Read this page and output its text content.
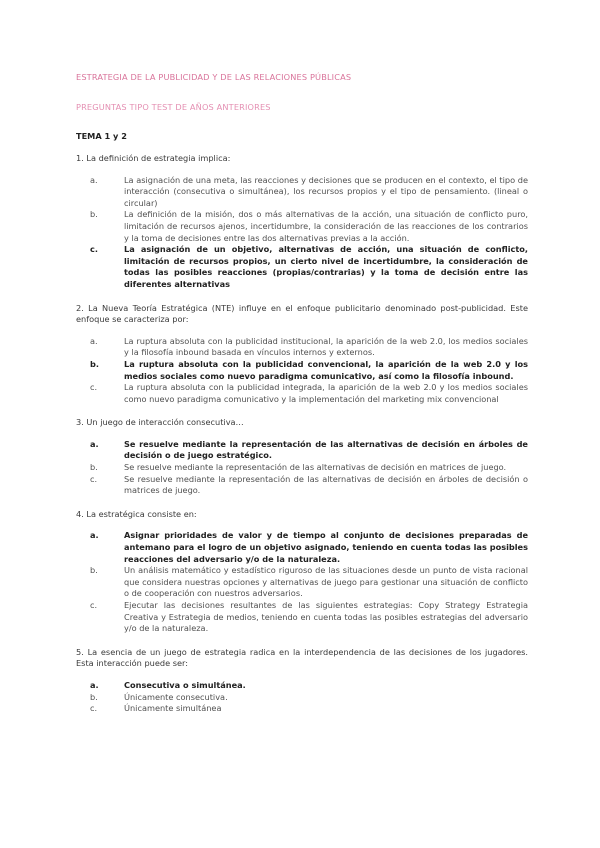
ESTRATEGIA DE LA PUBLICIDAD Y DE LAS RELACIONES PÚBLICAS
PREGUNTAS TIPO TEST DE AÑOS ANTERIORES
TEMA 1 y 2

1. La definición de estrategia implica:

a.	La asignación de una meta, las reacciones y decisiones que se producen en el contexto, el tipo de interacción (consecutiva o simultánea), los recursos propios y el tipo de pensamiento. (lineal o circular)
b.	La definición de la misión, dos o más alternativas de la acción, una situación de conflicto puro, limitación de recursos ajenos, incertidumbre, la consideración de las reacciones de los contrarios y la toma de decisiones entre las dos alternativas previas a la acción.
c.	La asignación de un objetivo, alternativas de acción, una situación de conflicto, limitación de recursos propios, un cierto nivel de incertidumbre, la consideración de todas las posibles reacciones (propias/contrarias) y la toma de decisión entre las diferentes alternativas

2. La Nueva Teoría Estratégica (NTE) influye en el enfoque publicitario denominado post-publicidad. Este enfoque se caracteriza por:

a.	La ruptura absoluta con la publicidad institucional, la aparición de la web 2.0, los medios sociales y la filosofía inbound basada en vínculos internos y externos.
b.	La ruptura absoluta con la publicidad convencional, la aparición de la web 2.0 y los medios sociales como nuevo paradigma comunicativo, así como la filosofía inbound.
c.	La ruptura absoluta con la publicidad integrada, la aparición de la web 2.0 y los medios sociales como nuevo paradigma comunicativo y la implementación del marketing mix convencional

3. Un juego de interacción consecutiva…

a.	Se resuelve mediante la representación de las alternativas de decisión en árboles de decisión o de juego estratégico.
b.	Se resuelve mediante la representación de las alternativas de decisión en matrices de juego.
c.	Se resuelve mediante la representación de las alternativas de decisión en árboles de decisión o matrices de juego.

4. La estratégica consiste en:

a.	Asignar prioridades de valor y de tiempo al conjunto de decisiones preparadas de antemano para el logro de un objetivo asignado, teniendo en cuenta todas las posibles reacciones del adversario y/o de la naturaleza.
b.	Un análisis matemático y estadístico riguroso de las situaciones desde un punto de vista racional que considera nuestras opciones y alternativas de juego para gestionar una situación de conflicto o de cooperación con nuestros adversarios.
c.	Ejecutar las decisiones resultantes de las siguientes estrategias: Copy Strategy Estrategia Creativa y Estrategia de medios, teniendo en cuenta todas las posibles estrategias del adversario y/o de la naturaleza.

5. La esencia de un juego de estrategia radica en la interdependencia de las decisiones de los jugadores. Esta interacción puede ser:

a.	Consecutiva o simultánea.
b.	Únicamente consecutiva.
c.	Únicamente simultánea
